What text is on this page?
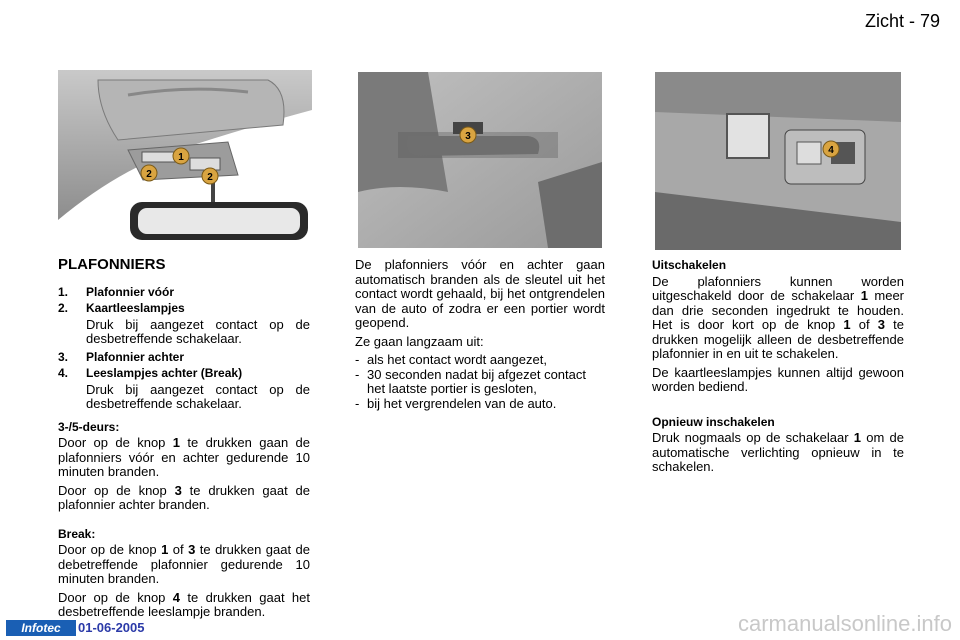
Zicht - 79
1
2	2
3
4
PLAFONNIERS
1.	Plafonnier vóór
2.	Kaartleeslampjes
Druk bij aangezet contact op de desbetreffende schakelaar.
3.	Plafonnier achter
4.	Leeslampjes achter (Break)
Druk bij aangezet contact op de desbetreffende schakelaar.
3-/5-deurs:
Door op de knop 1 te drukken gaan de plafonniers vóór en achter gedurende 10 minuten branden.
Door op de knop 3 te drukken gaat de plafonnier achter branden.
Break:
Door op de knop 1 of 3 te drukken gaat de debetreffende plafonnier gedurende 10 minuten branden.
Door op de knop 4 te drukken gaat het desbetreffende leeslampje branden.
De plafonniers vóór en achter gaan automatisch branden als de sleutel uit het contact wordt gehaald, bij het ontgrendelen van de auto of zodra er een portier wordt geopend.
Ze gaan langzaam uit:
- als het contact wordt aangezet,
- 30 seconden nadat bij afgezet contact het laatste portier is gesloten,
- bij het vergrendelen van de auto.
Uitschakelen
De plafonniers kunnen worden uitgeschakeld door de schakelaar 1 meer dan drie seconden ingedrukt te houden. Het is door kort op de knop 1 of 3 te drukken mogelijk alleen de desbetreffende plafonnier in en uit te schakelen.
De kaartleeslampjes kunnen altijd gewoon worden bediend.
Opnieuw inschakelen
Druk nogmaals op de schakelaar 1 om de automatische verlichting opnieuw in te schakelen.
Infotec	01-06-2005	carmanualsonline.info
